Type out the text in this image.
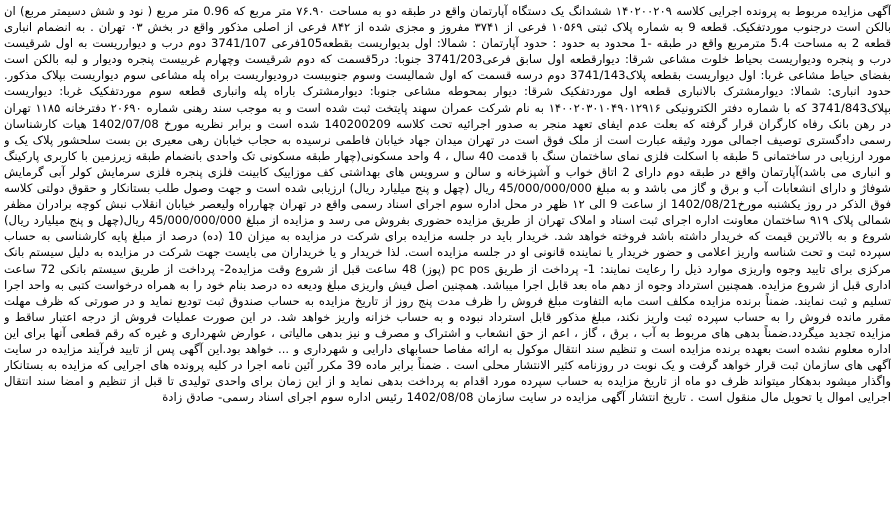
آگهی مزایده مربوط به پرونده اجرایی کلاسه ۱۴۰۲۰۰۲۰۹ ششدانگ یک دستگاه آپارتمان واقع در طبقه دو به مساحت ۷۶.۹۰ متر مربع که 0.96 متر مربع ( نود و شش دسیمتر مربع) ان بالکن است درجنوب موردتفکیک. قطعه 9 به شماره پلاک ثبتی ۱۰۵۶۹ فرعی از ۳۷۴۱ مفروز و مجزی شده از ۸۴۲ فرعی از اصلی مذکور واقع در بخش ۰۳ تهران . به انضمام انباری قطعه 2 به مساحت 5.4 مترمربع واقع در طبقه -1 محدود به حدود : حدود آپارتمان : شمالا: اول بدیواریست بقطعه105فرعی 3741/107 دوم درب و دیوارریست به اول شرقیست درب و پنجره ودیواریست بحیاط خلوت مشاعی شرقا: دیوارقطعه اول سابق فرعی3741/203 جنوبا: در5قسمت که دوم شرقیست وچهارم غربیست پنجره ودیوار و لبه بالکن است بفضای حیاط مشاعی غربا: اول دیواریست بقطعه پلاک3741/143 دوم درسه قسمت که اول شمالیست وسوم جنوبیست درودیواریست براه پله مشاعی سوم دیواریست بپلاک مذکور. حدود انباری: شمالا: دیوارمشترک بالانباری قطعه اول موردتفکیک شرقا: دیوار بمحوطه مشاعی جنوبا: دیوارمشترک باراه پله وانباری قطعه سوم موردتفکیک غربا: دیواریست بپلاک3741/843 که با شماره دفتر الکترونیکی ۱۴۰۰۲۰۳۰۱۰۴۹۰۱۲۹۱۶ به نام شرکت عمران سهند پایتخت ثبت شده است و به موجب سند رهنی شماره ۲۰۶۹۰ دفترخانه ۱۱۸۵ تهران در رهن بانک رفاه کارگران قرار گرفته که بعلت عدم ایفای تعهد منجر به صدور اجرائیه تحت کلاسه 140200209 شده است و برابر نظریه مورخ 1402/07/08 هیات کارشناسان رسمی دادگستری توصیف اجمالی مورد وثیقه عبارت است از ملک فوق است در تهران میدان جهاد خیابان فاطمی نرسیده به حجاب خیابان رهی معیری بن بست سلحشور پلاک یک و مورد ارزیابی در ساختمانی 5 طبقه با اسکلت فلزی نمای ساختمان سنگ با قدمت 40 سال ، 4 واحد مسکونی(چهار طبقه مسکونی تک واحدی بانضمام طبقه زیرزمین با کاربری پارکینگ و انباری می باشد)آپارتمان واقع در طبقه دوم دارای 2 اتاق خواب و آشپزخانه و سالن و سرویس های بهداشتی کف موزاییک کابینت فلزی پنجره فلزی سرمایش کولر آبی گرمایش شوفاژ و دارای انشعابات آب و برق و گاز می باشد و به مبلغ 45/000/000/000 ریال (چهل و پنج میلیارد ریال) ارزیابی شده است و جهت وصول طلب بستانکار و حقوق دولتی کلاسه فوق الذکر در روز یکشنبه مورخ1402/08/21 از ساعت 9 الی ۱۲ ظهر در محل اداره سوم اجرای اسناد رسمی واقع در تهران چهارراه ولیعصر خیابان انقلاب نبش کوچه برادران مظفر شمالی پلاک ۹۱۹ ساختمان معاونت اداره اجرای ثبت اسناد و املاک تهران از طریق مزایده حضوری بفروش می رسد و مزایده از مبلغ 45/000/000/000 ریال(چهل و پنج میلیارد ریال) شروع و به بالاترین قیمت که خریدار داشته باشد فروخته خواهد شد. خریدار باید در جلسه مزایده برای شرکت در مزایده به میزان 10 (ده) درصد از مبلغ پایه کارشناسی به حساب سپرده ثبت و تحت شناسه واریز اعلامی و حضور خریدار یا نماینده قانونی او در جلسه مزایده است. لذا خریدار و یا خریداران می بایست جهت شرکت در مزایده به دلیل سیستم بانک مرکزی برای تایید وجوه واریزی موارد ذیل را رعایت نمایند: 1- پرداخت از طریق pc pos (پوز) 48 ساعت قبل از شروع وقت مزایده2- پرداخت از طریق سیستم بانکی 72 ساعت اداری قبل از شروع مزایده. همچنین استرداد وجوه از دهم ماه بعد قابل اجرا میباشد. همچنین اصل فیش واریزی مبلغ ودیعه ده درصد بنام خود را به همراه درخواست کتبی به واحد اجرا تسلیم و ثبت نمایند. ضمناً برنده مزایده مکلف است مابه التفاوت مبلغ فروش را ظرف مدت پنج روز از تاریخ مزایده به حساب صندوق ثبت تودیع نماید و در صورتی که ظرف مهلت مقرر مانده فروش را به حساب سپرده ثبت واریز نکند، مبلغ مذکور قابل استرداد نبوده و به حساب خزانه واریز خواهد شد. در این صورت عملیات فروش از درجه اعتبار ساقط و مزایده تجدید میگردد.ضمناً بدهی های مربوط به آب ، برق ، گاز ، اعم از حق انشعاب و اشتراک و مصرف و نیز بدهی مالیاتی ، عوارض شهرداری و غیره که رقم قطعی آنها برای این اداره معلوم نشده است بعهده برنده مزایده است و تنظیم سند انتقال موکول به ارائه مفاصا حسابهای دارایی و شهرداری و ... خواهد بود.این آگهی پس از تایید فرآیند مزایده در سایت آگهی های سازمان ثبت قرار خواهد گرفت و یک نوبت در روزنامه کثیر الانتشار محلی است . ضمناً برابر ماده 39 مکرر آئین نامه اجرا در کلیه پرونده های اجرایی که مزایده به بستانکار واگذار میشود بدهکار میتواند ظرف دو ماه از تاریخ مزایده به حساب سپرده مورد اقدام به پرداخت بدهی نماید و از این زمان برای واحدی تولیدی تا قبل از تنظیم و امضا سند انتقال اجرایی اموال یا تحویل مال منقول است . تاریخ انتشار آگهی مزایده در سایت سازمان 1402/08/08 رئیس اداره سوم اجرای اسناد رسمی- صادق زادة
